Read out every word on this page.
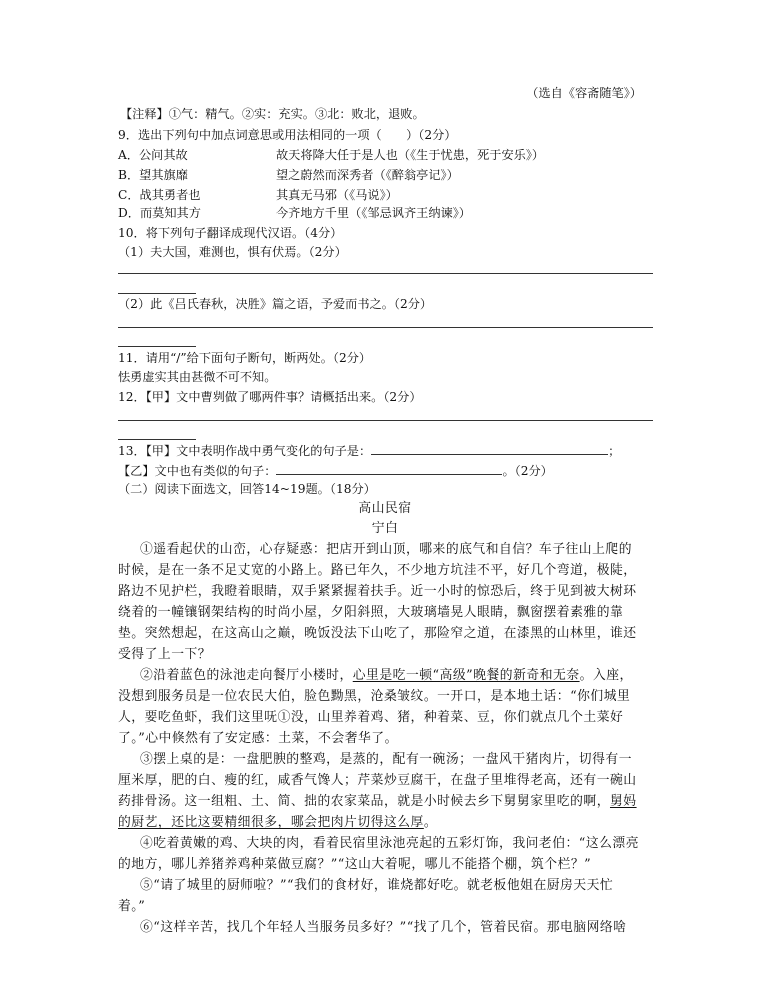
（选自《容斋随笔》）
【注释】①气：精气。②实：充实。③北：败北，退败。
9．选出下列句中加点词意思或用法相同的一项（　　）（2分）
A．公问其故	故天将降大任于是人也（《生于忧患，死于安乐》）
B．望其旗靡	望之蔚然而深秀者（《醉翁亭记》）
C．战其勇者也	其真无马邪（《马说》）
D．而莫知其方	今齐地方千里（《邹忌讽齐王纳谏》）
10．将下列句子翻译成现代汉语。（4分）
（1）夫大国，难测也，惧有伏焉。（2分）
（2）此《吕氏春秋，决胜》篇之语，予爱而书之。（2分）
11．请用“/”给下面句子断句，断两处。（2分）
怯勇虚实其由甚微不可不知。
12．【甲】文中曹刿做了哪两件事？请概括出来。（2分）
13．【甲】文中表明作战中勇气变化的句子是：	；
【乙】文中也有类似的句子：	。（2分）
（二）阅读下面选文，回答14~19题。（18分）
高山民宿
宁白
①遥看起伏的山峦，心存疑惑：把店开到山顶，哪来的底气和自信？车子往山上爬的
时候，是在一条不足丈宽的小路上。路已年久，不少地方坑洼不平，好几个弯道，极陡，
路边不见护栏，我瞪着眼睛，双手紧紧握着扶手。近一小时的惊恐后，终于见到被大树环
绕着的一幢镶钢架结构的时尚小屋，夕阳斜照，大玻璃墙晃人眼睛，飘窗摆着素雅的靠
垫。突然想起，在这高山之巅，晚饭没法下山吃了，那险窄之道，在漆黑的山林里，谁还
受得了上一下？
②沿着蓝色的泳池走向餐厅小楼时，心里是吃一顿“高级”晚餐的新奇和无奈。入座，
没想到服务员是一位农民大伯，脸色黝黑，沧桑皱纹。一开口，是本地土话：“你们城里
人，要吃鱼虾，我们这里呒①没，山里养着鸡、猪，种着菜、豆，你们就点几个土菜好
了。”心中倏然有了安定感：土菜，不会奢华了。
③摆上桌的是：一盘肥腴的整鸡，是蒸的，配有一碗汤；一盘风干猪肉片，切得有一
厘米厚，肥的白、瘦的红，咸香气馋人；芹菜炒豆腐干，在盘子里堆得老高，还有一碗山
药排骨汤。这一组粗、土、简、拙的农家菜品，就是小时候去乡下舅舅家里吃的啊，舅妈
的厨艺，还比这要精细很多，哪会把肉片切得这么厚。
④吃着黄嫩的鸡、大块的肉，看着民宿里泳池亮起的五彩灯饰，我问老伯：“这么漂亮
的地方，哪儿养猪养鸡种菜做豆腐？”“这山大着呢，哪儿不能搭个棚，筑个栏？”
⑤“请了城里的厨师啦？”“我们的食材好，谁烧都好吃。就老板他姐在厨房天天忙
着。”
⑥“这样辛苦，找几个年轻人当服务员多好？”“找了几个，管着民宿。那电脑网络啥
